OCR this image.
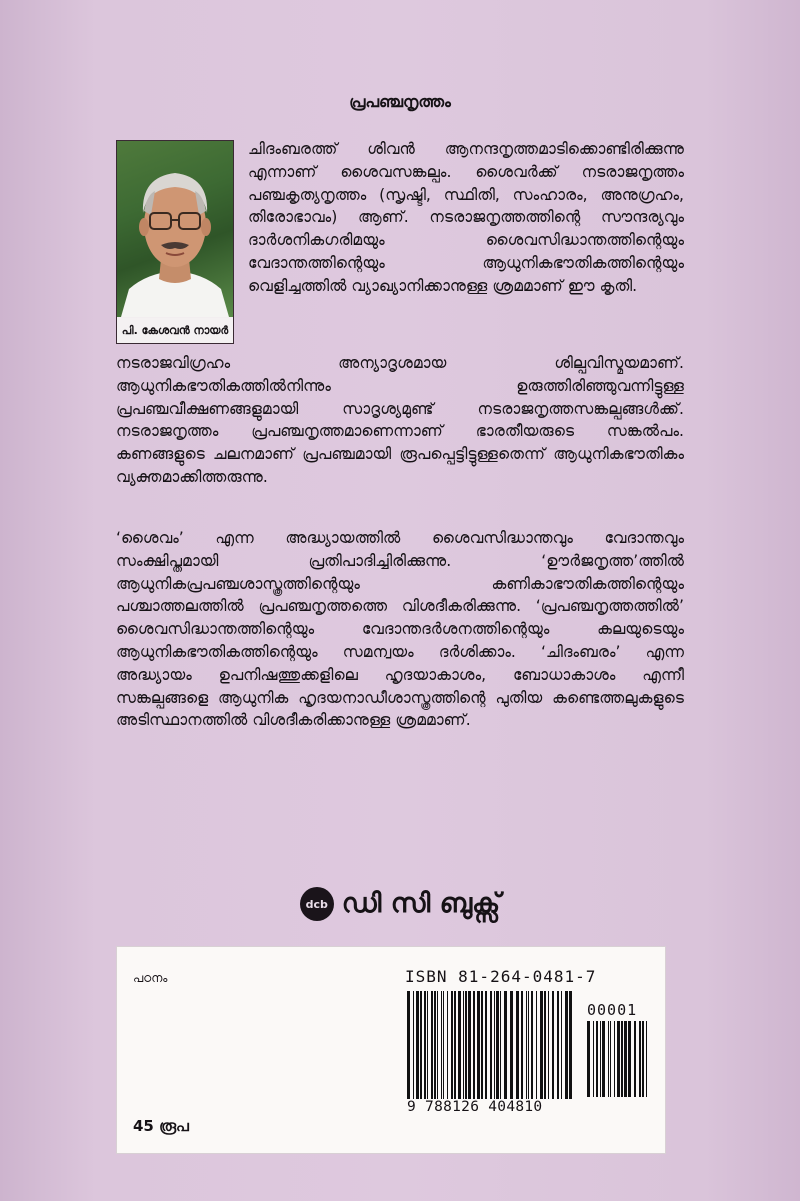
പ്രപഞ്ചനൃത്തം
പി. കേശവൻ നായർ
ചിദംബരത്ത് ശിവൻ ആനന്ദനൃത്തമാടിക്കൊണ്ടിരിക്കുന്നു എന്നാണ് ശൈവസങ്കല്പം. ശൈവർക്ക് നടരാജനൃത്തം പഞ്ചകൃത്യനൃത്തം (സൃഷ്ടി, സ്ഥിതി, സംഹാരം, അനുഗ്രഹം, തിരോഭാവം) ആണ്. നടരാജനൃത്തത്തിന്റെ സൗന്ദര്യവും ദാർശനികഗരിമയും ശൈവസിദ്ധാന്തത്തിന്റെയും വേദാന്തത്തിന്റെയും ആധുനികഭൗതികത്തിന്റെയും വെളിച്ചത്തിൽ വ്യാഖ്യാനിക്കാനുള്ള ശ്രമമാണ് ഈ കൃതി.
നടരാജവിഗ്രഹം അന്യാദൃശമായ ശില്പവിസ്മയമാണ്. ആധുനികഭൗതികത്തിൽനിന്നും ഉരുത്തിരിഞ്ഞുവന്നിട്ടുള്ള പ്രപഞ്ചവീക്ഷണങ്ങളുമായി സാദൃശ്യമുണ്ട് നടരാജനൃത്തസങ്കല്പങ്ങൾക്ക്. നടരാജനൃത്തം പ്രപഞ്ചനൃത്തമാണെന്നാണ് ഭാരതീയരുടെ സങ്കൽപം. കണങ്ങളുടെ ചലനമാണ് പ്രപഞ്ചമായി രൂപപ്പെട്ടിട്ടുള്ളതെന്ന് ആധുനികഭൗതികം വ്യക്തമാക്കിത്തരുന്നു.
‘ശൈവം’ എന്ന അദ്ധ്യായത്തിൽ ശൈവസിദ്ധാന്തവും വേദാന്തവും സംക്ഷിപ്തമായി പ്രതിപാദിച്ചിരിക്കുന്നു. ‘ഊർജനൃത്ത’ത്തിൽ ആധുനികപ്രപഞ്ചശാസ്ത്രത്തിന്റെയും കണികാഭൗതികത്തിന്റെയും പശ്ചാത്തലത്തിൽ പ്രപഞ്ചനൃത്തത്തെ വിശദീകരിക്കുന്നു. ‘പ്രപഞ്ചനൃത്തത്തിൽ’ ശൈവസിദ്ധാന്തത്തിന്റെയും വേദാന്തദർശനത്തിന്റെയും കലയുടെയും ആധുനികഭൗതികത്തിന്റെയും സമന്വയം ദർശിക്കാം. ‘ചിദംബരം’ എന്ന അദ്ധ്യായം ഉപനിഷത്തുക്കളിലെ ഹൃദയാകാശം, ബോധാകാശം എന്നീ സങ്കല്പങ്ങളെ ആധുനിക ഹൃദയനാഡീശാസ്ത്രത്തിന്റെ പുതിയ കണ്ടെത്തലുകളുടെ അടിസ്ഥാനത്തിൽ വിശദീകരിക്കാനുള്ള ശ്രമമാണ്.
dcb ഡി സി ബുക്സ്
പഠനം	ISBN 81-264-0481-7
9 788126 404810
00001
45 രൂപ
